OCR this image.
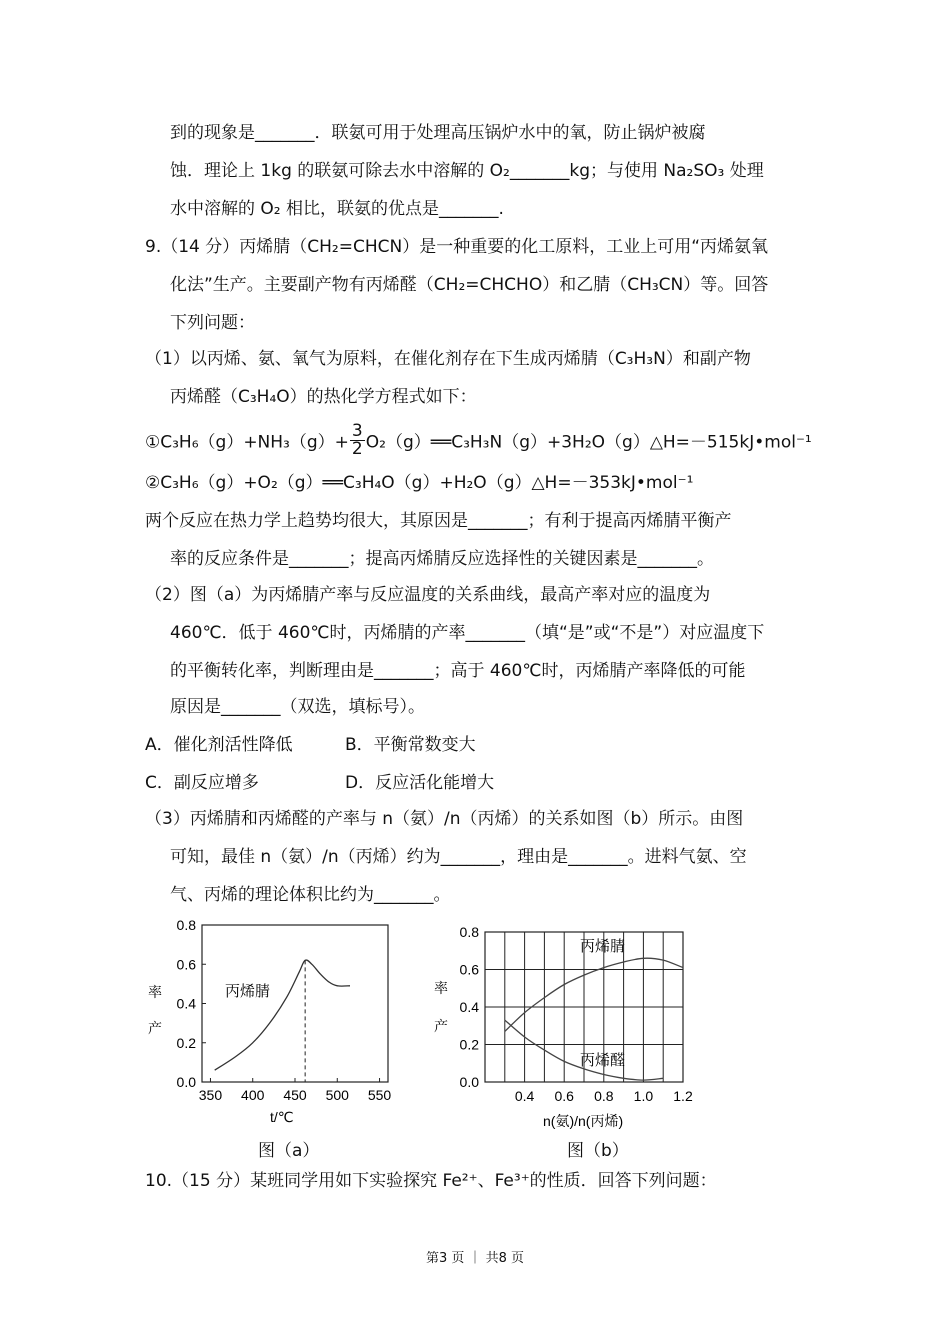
到的现象是_______．联氨可用于处理高压锅炉水中的氧，防止锅炉被腐
蚀．理论上 1kg 的联氨可除去水中溶解的 O₂_______kg；与使用 Na₂SO₃ 处理
水中溶解的 O₂ 相比，联氨的优点是_______.
9.（14 分）丙烯腈（CH₂=CHCN）是一种重要的化工原料，工业上可用“丙烯氨氧
化法”生产。主要副产物有丙烯醛（CH₂=CHCHO）和乙腈（CH₃CN）等。回答
下列问题：
（1）以丙烯、氨、氧气为原料，在催化剂存在下生成丙烯腈（C₃H₃N）和副产物
丙烯醛（C₃H₄O）的热化学方程式如下：
①C₃H₆（g）+NH₃（g）+ $\frac{3}{2}$ O₂（g）══C₃H₃N（g）+3H₂O（g）△H=－515kJ•mol⁻¹
②C₃H₆（g）+O₂（g）══C₃H₄O（g）+H₂O（g）△H=－353kJ•mol⁻¹
两个反应在热力学上趋势均很大，其原因是_______；有利于提高丙烯腈平衡产
率的反应条件是_______；提高丙烯腈反应选择性的关键因素是_______。
（2）图（a）为丙烯腈产率与反应温度的关系曲线，最高产率对应的温度为
460℃．低于 460℃时，丙烯腈的产率_______（填“是”或“不是”）对应温度下
的平衡转化率，判断理由是_______；高于 460℃时，丙烯腈产率降低的可能
原因是_______（双选，填标号）。
A．催化剂活性降低	B．平衡常数变大
C．副反应增多	D．反应活化能增大
（3）丙烯腈和丙烯醛的产率与 n（氨）/n（丙烯）的关系如图（b）所示。由图
可知，最佳 n（氨）/n（丙烯）约为_______，理由是_______。进料气氨、空
气、丙烯的理论体积比约为_______。
0.0
0.2
0.4
0.6
0.8
350 400 450 500 550
丙烯腈
率
产
t/℃
图（a）
0.0
0.2
0.4
0.6
0.8
0.4 0.6 0.8 1.0 1.2
丙烯腈
丙烯醛
率
产
n(氨)/n(丙烯)
图（b）
10.（15 分）某班同学用如下实验探究 Fe²⁺、Fe³⁺的性质．回答下列问题：
第3 页 ｜ 共8 页
